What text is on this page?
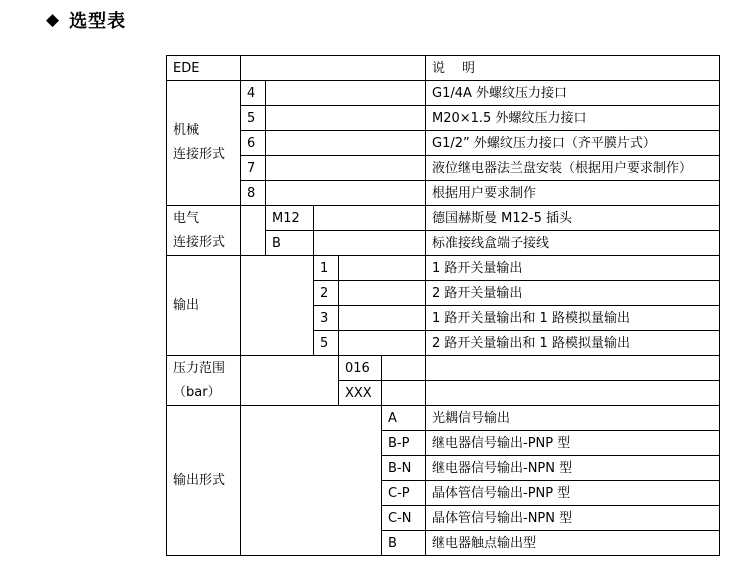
◆ 选型表
EDE						说    明
机械
连接形式	4					G1/4A 外螺纹压力接口
	5					M20×1.5 外螺纹压力接口
	6					G1/2” 外螺纹压力接口（齐平膜片式）
	7					液位继电器法兰盘安装（根据用户要求制作）
	8					根据用户要求制作
电气
连接形式		M12				德国赫斯曼 M12-5 插头
		B				标准接线盒端子接线
输出			1			1 路开关量输出
			2			2 路开关量输出
			3			1 路开关量输出和 1 路模拟量输出
			5			2 路开关量输出和 1 路模拟量输出
压力范围
（bar）				016		
				XXX		
输出形式					A	光耦信号输出
					B-P	继电器信号输出-PNP 型
					B-N	继电器信号输出-NPN 型
					C-P	晶体管信号输出-PNP 型
					C-N	晶体管信号输出-NPN 型
					B	继电器触点输出型
